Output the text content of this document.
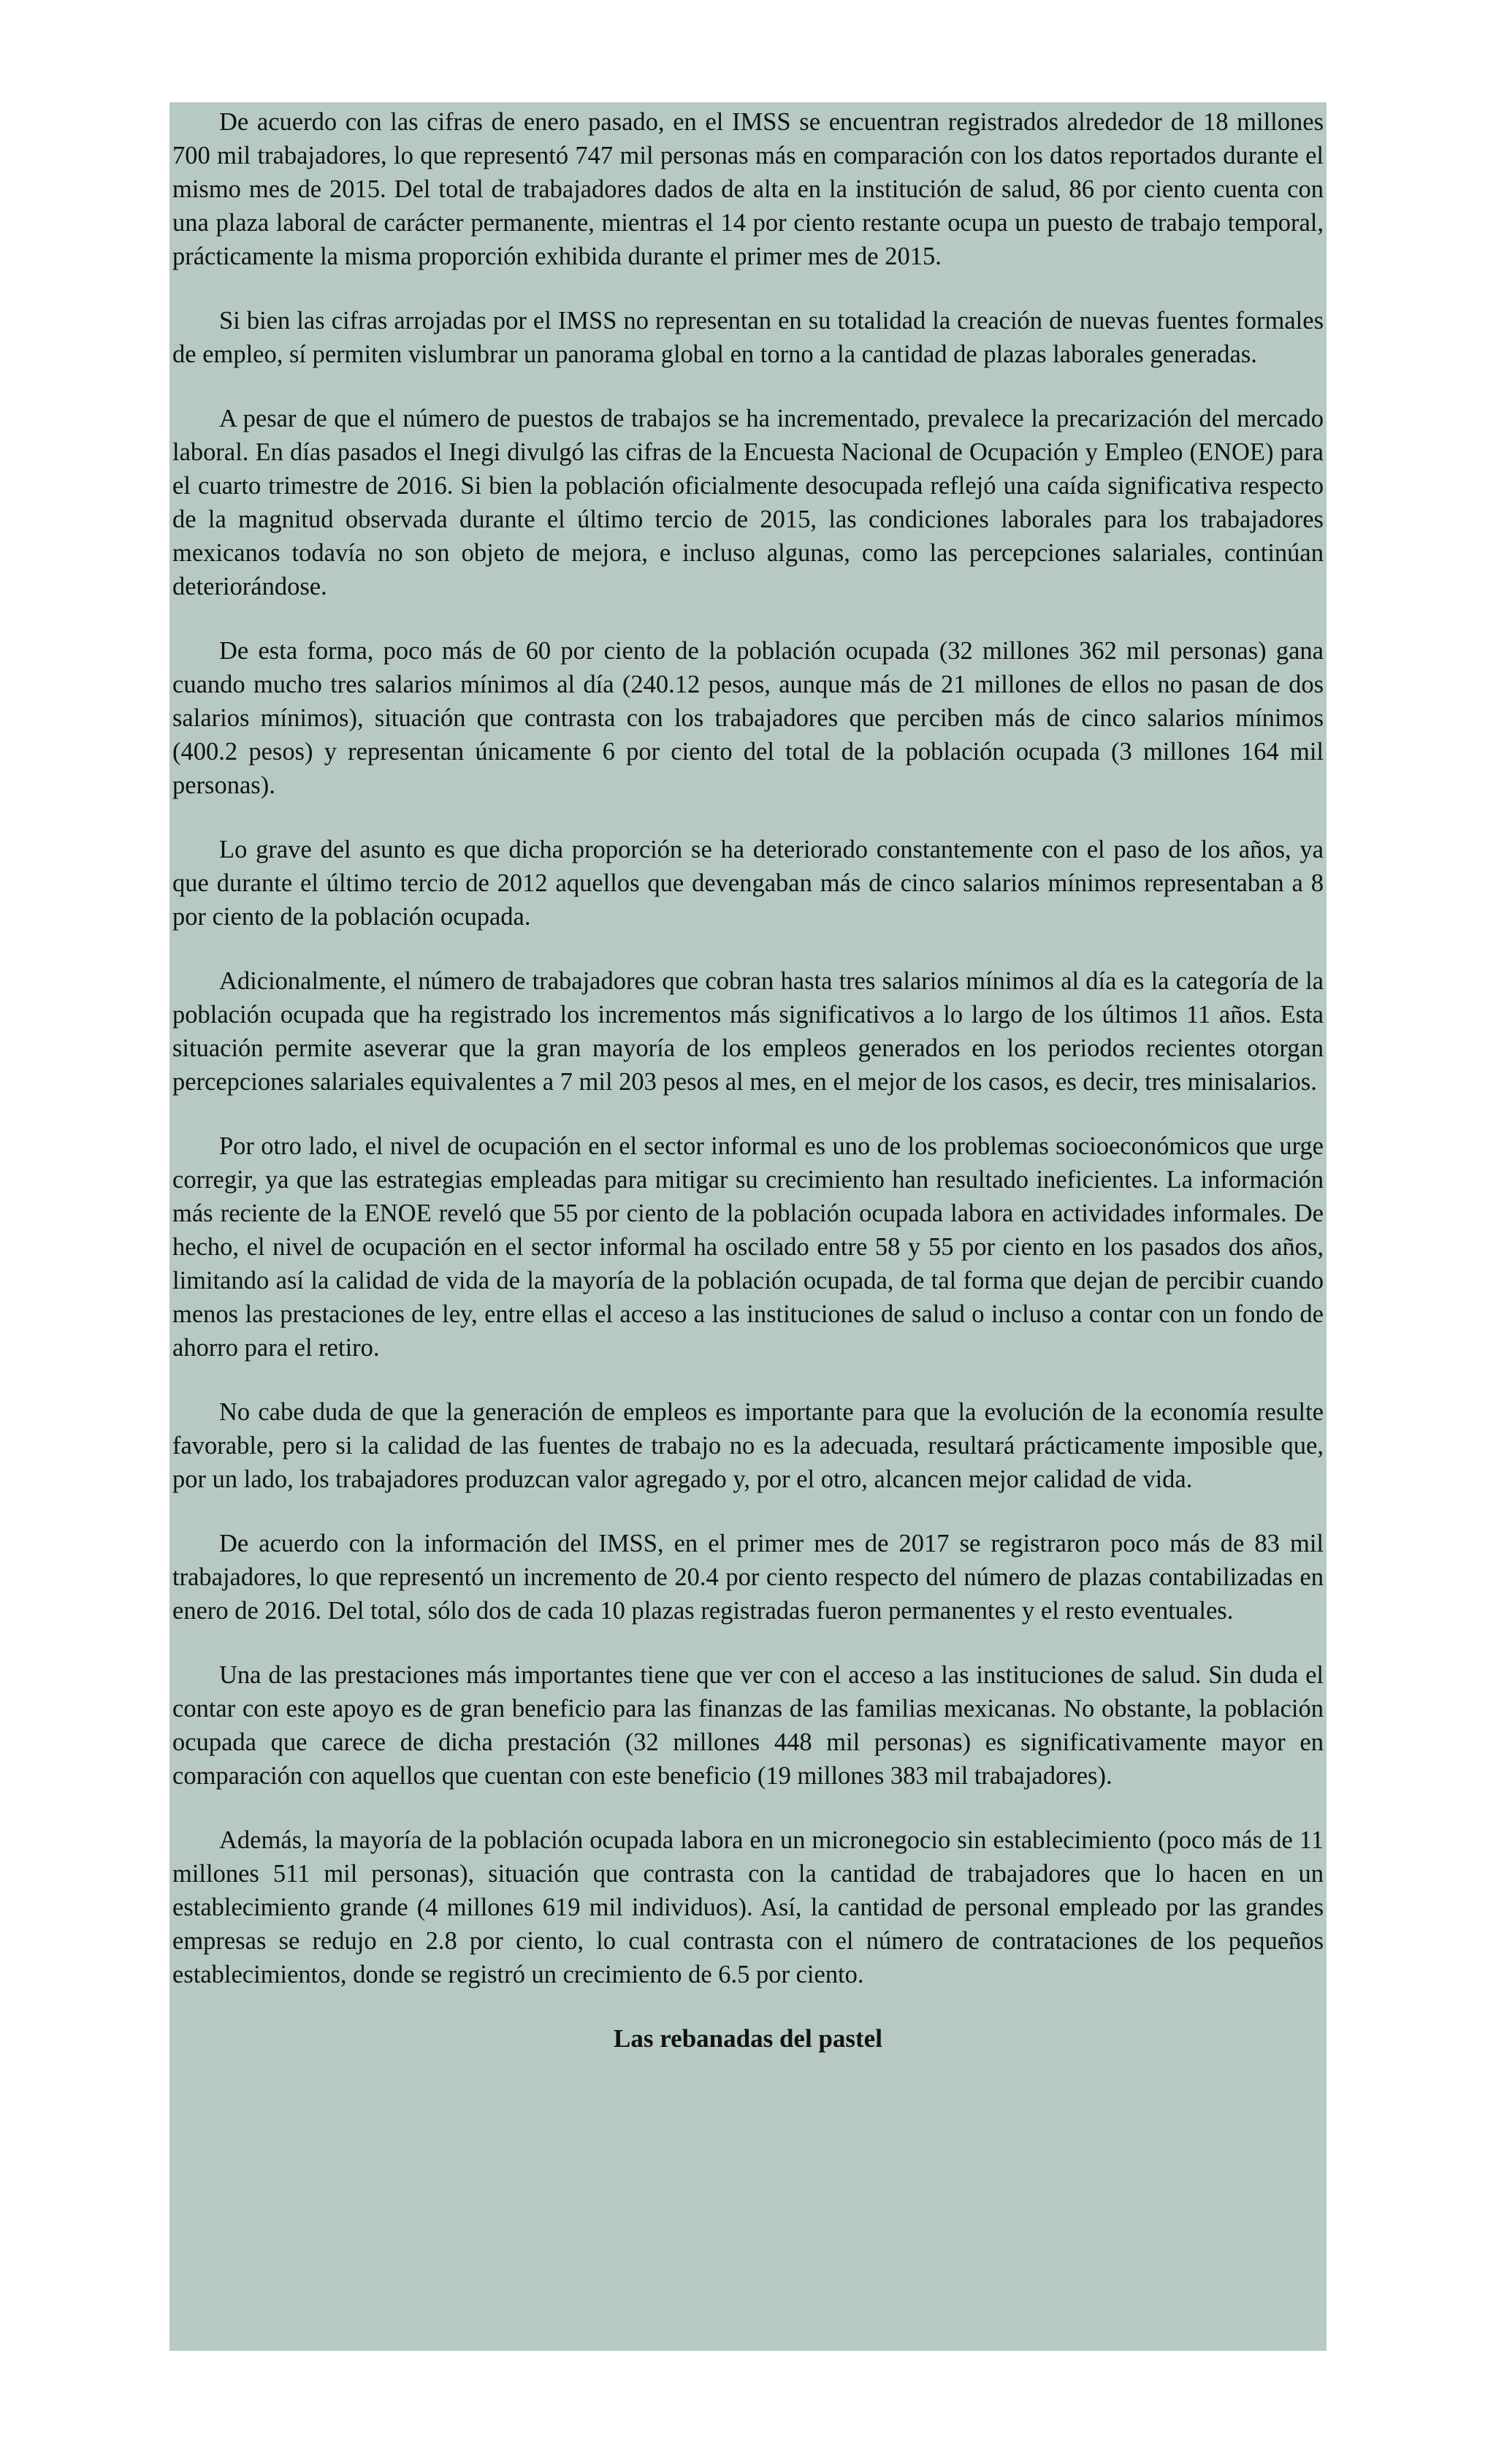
De acuerdo con las cifras de enero pasado, en el IMSS se encuentran registrados alrededor de 18 millones 700 mil trabajadores, lo que representó 747 mil personas más en comparación con los datos reportados durante el mismo mes de 2015. Del total de trabajadores dados de alta en la institución de salud, 86 por ciento cuenta con una plaza laboral de carácter permanente, mientras el 14 por ciento restante ocupa un puesto de trabajo temporal, prácticamente la misma proporción exhibida durante el primer mes de 2015.

Si bien las cifras arrojadas por el IMSS no representan en su totalidad la creación de nuevas fuentes formales de empleo, sí permiten vislumbrar un panorama global en torno a la cantidad de plazas laborales generadas.

A pesar de que el número de puestos de trabajos se ha incrementado, prevalece la precarización del mercado laboral. En días pasados el Inegi divulgó las cifras de la Encuesta Nacional de Ocupación y Empleo (ENOE) para el cuarto trimestre de 2016. Si bien la población oficialmente desocupada reflejó una caída significativa respecto de la magnitud observada durante el último tercio de 2015, las condiciones laborales para los trabajadores mexicanos todavía no son objeto de mejora, e incluso algunas, como las percepciones salariales, continúan deteriorándose.

De esta forma, poco más de 60 por ciento de la población ocupada (32 millones 362 mil personas) gana cuando mucho tres salarios mínimos al día (240.12 pesos, aunque más de 21 millones de ellos no pasan de dos salarios mínimos), situación que contrasta con los trabajadores que perciben más de cinco salarios mínimos (400.2 pesos) y representan únicamente 6 por ciento del total de la población ocupada (3 millones 164 mil personas).

Lo grave del asunto es que dicha proporción se ha deteriorado constantemente con el paso de los años, ya que durante el último tercio de 2012 aquellos que devengaban más de cinco salarios mínimos representaban a 8 por ciento de la población ocupada.

Adicionalmente, el número de trabajadores que cobran hasta tres salarios mínimos al día es la categoría de la población ocupada que ha registrado los incrementos más significativos a lo largo de los últimos 11 años. Esta situación permite aseverar que la gran mayoría de los empleos generados en los periodos recientes otorgan percepciones salariales equivalentes a 7 mil 203 pesos al mes, en el mejor de los casos, es decir, tres minisalarios.

Por otro lado, el nivel de ocupación en el sector informal es uno de los problemas socioeconómicos que urge corregir, ya que las estrategias empleadas para mitigar su crecimiento han resultado ineficientes. La información más reciente de la ENOE reveló que 55 por ciento de la población ocupada labora en actividades informales. De hecho, el nivel de ocupación en el sector informal ha oscilado entre 58 y 55 por ciento en los pasados dos años, limitando así la calidad de vida de la mayoría de la población ocupada, de tal forma que dejan de percibir cuando menos las prestaciones de ley, entre ellas el acceso a las instituciones de salud o incluso a contar con un fondo de ahorro para el retiro.

No cabe duda de que la generación de empleos es importante para que la evolución de la economía resulte favorable, pero si la calidad de las fuentes de trabajo no es la adecuada, resultará prácticamente imposible que, por un lado, los trabajadores produzcan valor agregado y, por el otro, alcancen mejor calidad de vida.

De acuerdo con la información del IMSS, en el primer mes de 2017 se registraron poco más de 83 mil trabajadores, lo que representó un incremento de 20.4 por ciento respecto del número de plazas contabilizadas en enero de 2016. Del total, sólo dos de cada 10 plazas registradas fueron permanentes y el resto eventuales.

Una de las prestaciones más importantes tiene que ver con el acceso a las instituciones de salud. Sin duda el contar con este apoyo es de gran beneficio para las finanzas de las familias mexicanas. No obstante, la población ocupada que carece de dicha prestación (32 millones 448 mil personas) es significativamente mayor en comparación con aquellos que cuentan con este beneficio (19 millones 383 mil trabajadores).

Además, la mayoría de la población ocupada labora en un micronegocio sin establecimiento (poco más de 11 millones 511 mil personas), situación que contrasta con la cantidad de trabajadores que lo hacen en un establecimiento grande (4 millones 619 mil individuos). Así, la cantidad de personal empleado por las grandes empresas se redujo en 2.8 por ciento, lo cual contrasta con el número de contrataciones de los pequeños establecimientos, donde se registró un crecimiento de 6.5 por ciento.

Las rebanadas del pastel
